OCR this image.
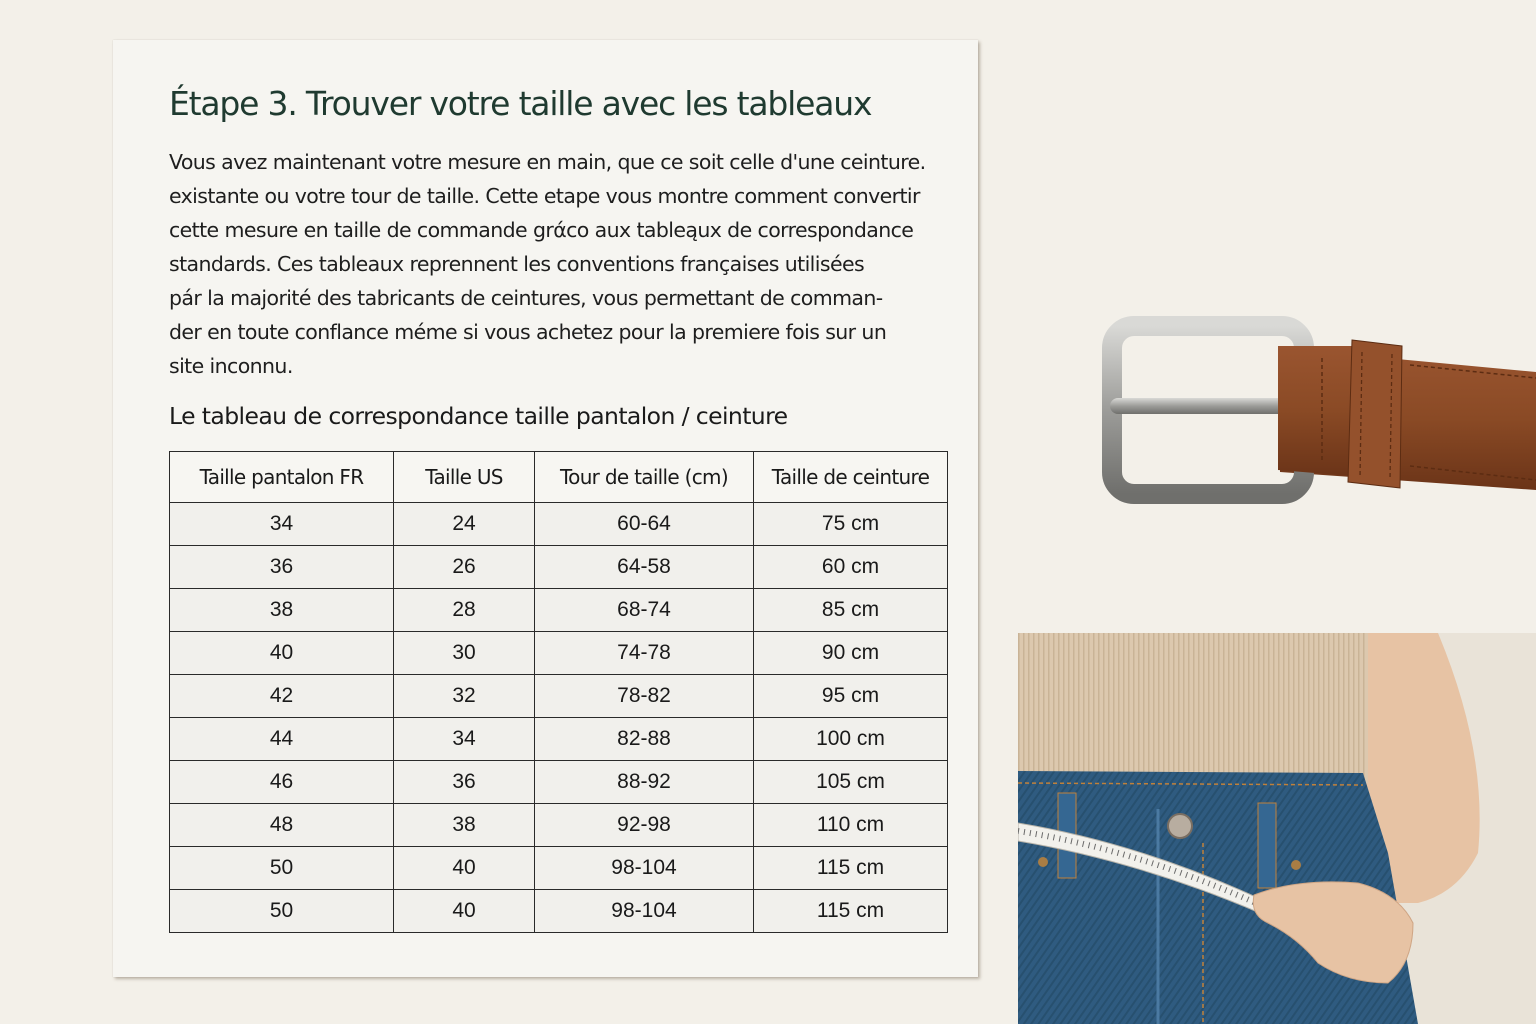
Étape 3. Trouver votre taille avec les tableaux

Vous avez maintenant votre mesure en main, que ce soit celle d'une ceinture.
existante ou votre tour de taille. Cette etape vous montre comment convertir
cette mesure en taille de commande grάco aux tableąux de correspondance
standards. Ces tableaux reprennent les conventions françaises utilisées
pár la majorité des tabricants de ceintures, vous permettant de comman-
der en toute conflance méme si vous achetez pour la premiere fois sur un
site inconnu.

Le tableau de correspondance taille pantalon / ceinture
Taille pantalon FR	Taille US	Tour de taille (cm)	Taille de ceinture
34	24	60-64	75 cm
36	26	64-58	60 cm
38	28	68-74	85 cm
40	30	74-78	90 cm
42	32	78-82	95 cm
44	34	82-88	100 cm
46	36	88-92	105 cm
48	38	92-98	110 cm
50	40	98-104	115 cm
50	40	98-104	115 cm
